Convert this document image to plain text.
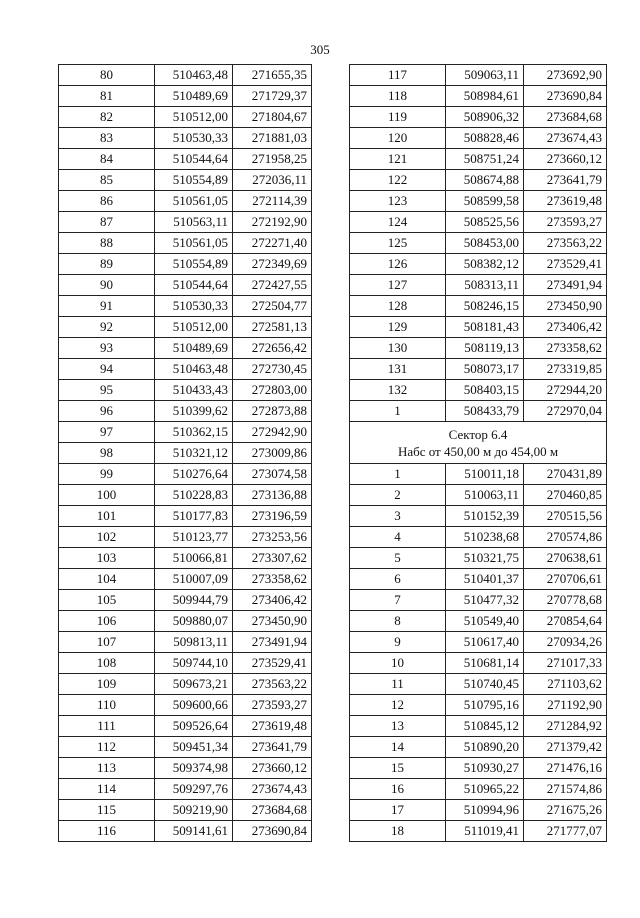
305
80	510463,48	271655,35
81	510489,69	271729,37
82	510512,00	271804,67
83	510530,33	271881,03
84	510544,64	271958,25
85	510554,89	272036,11
86	510561,05	272114,39
87	510563,11	272192,90
88	510561,05	272271,40
89	510554,89	272349,69
90	510544,64	272427,55
91	510530,33	272504,77
92	510512,00	272581,13
93	510489,69	272656,42
94	510463,48	272730,45
95	510433,43	272803,00
96	510399,62	272873,88
97	510362,15	272942,90
98	510321,12	273009,86
99	510276,64	273074,58
100	510228,83	273136,88
101	510177,83	273196,59
102	510123,77	273253,56
103	510066,81	273307,62
104	510007,09	273358,62
105	509944,79	273406,42
106	509880,07	273450,90
107	509813,11	273491,94
108	509744,10	273529,41
109	509673,21	273563,22
110	509600,66	273593,27
111	509526,64	273619,48
112	509451,34	273641,79
113	509374,98	273660,12
114	509297,76	273674,43
115	509219,90	273684,68
116	509141,61	273690,84
117	509063,11	273692,90
118	508984,61	273690,84
119	508906,32	273684,68
120	508828,46	273674,43
121	508751,24	273660,12
122	508674,88	273641,79
123	508599,58	273619,48
124	508525,56	273593,27
125	508453,00	273563,22
126	508382,12	273529,41
127	508313,11	273491,94
128	508246,15	273450,90
129	508181,43	273406,42
130	508119,13	273358,62
131	508073,17	273319,85
132	508403,15	272944,20
1	508433,79	272970,04

Сектор 6.4
Набс от 450,00 м до 454,00 м		

1	510011,18	270431,89
2	510063,11	270460,85
3	510152,39	270515,56
4	510238,68	270574,86
5	510321,75	270638,61
6	510401,37	270706,61
7	510477,32	270778,68
8	510549,40	270854,64
9	510617,40	270934,26
10	510681,14	271017,33
11	510740,45	271103,62
12	510795,16	271192,90
13	510845,12	271284,92
14	510890,20	271379,42
15	510930,27	271476,16
16	510965,22	271574,86
17	510994,96	271675,26
18	511019,41	271777,07
